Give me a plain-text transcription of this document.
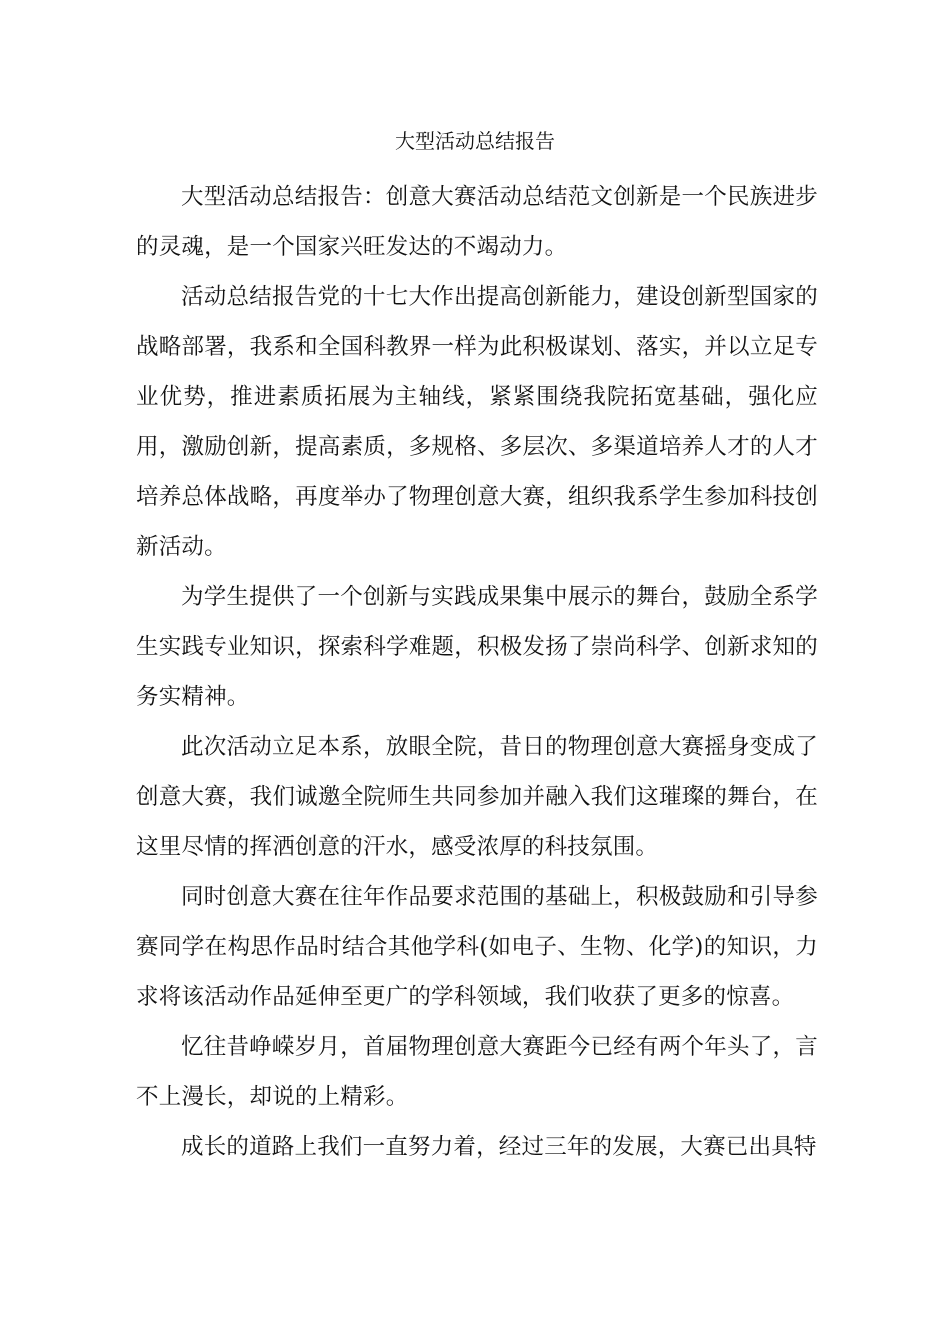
大型活动总结报告

大型活动总结报告：创意大赛活动总结范文创新是一个民族进步的灵魂，是一个国家兴旺发达的不竭动力。

活动总结报告党的十七大作出提高创新能力，建设创新型国家的战略部署，我系和全国科教界一样为此积极谋划、落实，并以立足专业优势，推进素质拓展为主轴线，紧紧围绕我院拓宽基础，强化应用，激励创新，提高素质，多规格、多层次、多渠道培养人才的人才培养总体战略，再度举办了物理创意大赛，组织我系学生参加科技创新活动。

为学生提供了一个创新与实践成果集中展示的舞台，鼓励全系学生实践专业知识，探索科学难题，积极发扬了崇尚科学、创新求知的务实精神。

此次活动立足本系，放眼全院，昔日的物理创意大赛摇身变成了创意大赛，我们诚邀全院师生共同参加并融入我们这璀璨的舞台，在这里尽情的挥洒创意的汗水，感受浓厚的科技氛围。

同时创意大赛在往年作品要求范围的基础上，积极鼓励和引导参赛同学在构思作品时结合其他学科(如电子、生物、化学)的知识，力求将该活动作品延伸至更广的学科领域，我们收获了更多的惊喜。

忆往昔峥嵘岁月，首届物理创意大赛距今已经有两个年头了，言不上漫长，却说的上精彩。

成长的道路上我们一直努力着，经过三年的发展，大赛已出具特
